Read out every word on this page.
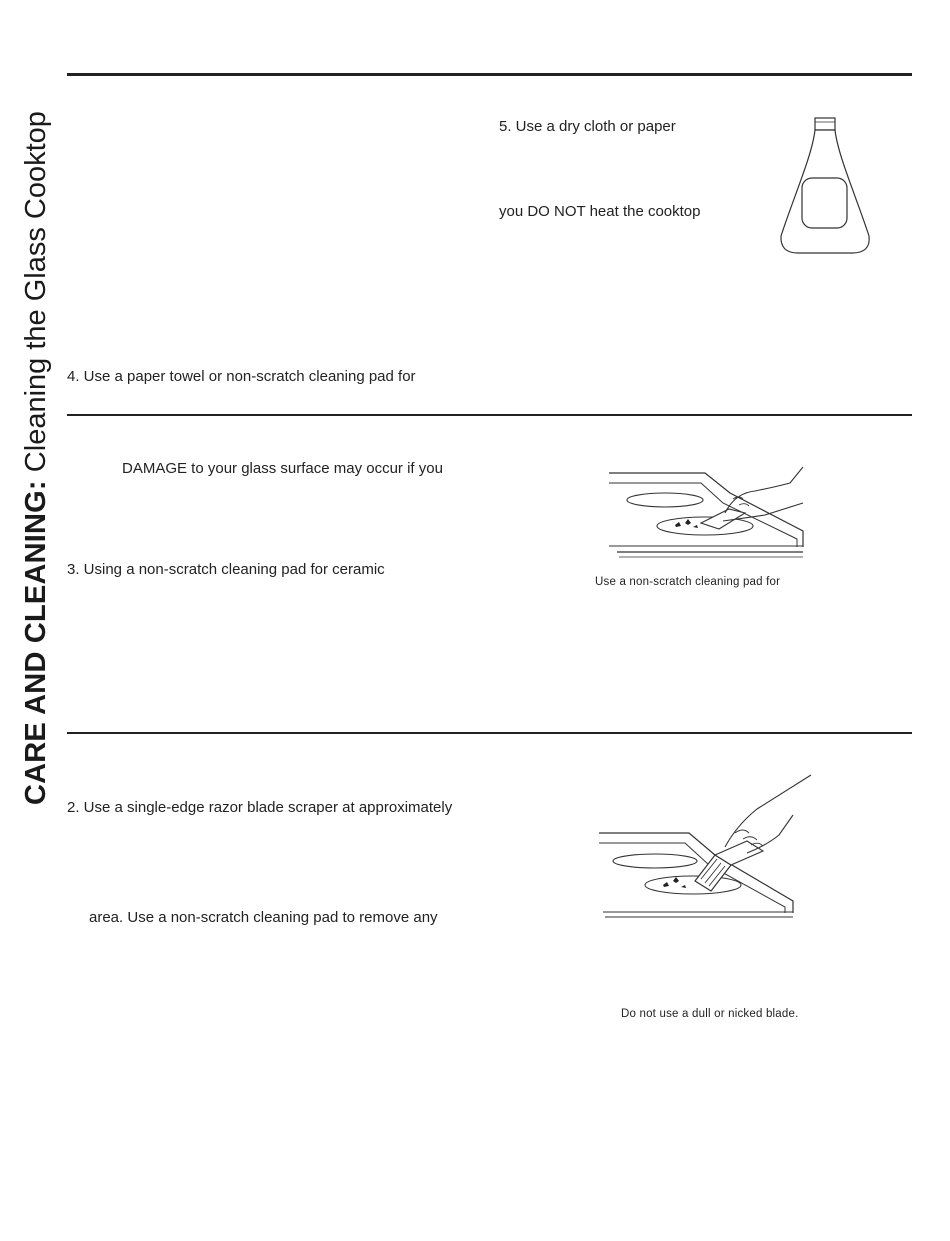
CARE AND CLEANING: Cleaning the Glass Cooktop	5. Use a dry cloth or paper
you DO NOT heat the cooktop
4. Use a paper towel or non-scratch cleaning pad for
DAMAGE to your glass surface may occur if you
3. Using a non-scratch cleaning pad for ceramic
Use a non-scratch cleaning pad for
2. Use a single-edge razor blade scraper at approximately
area. Use a non-scratch cleaning pad to remove any
Do not use a dull or nicked blade.
